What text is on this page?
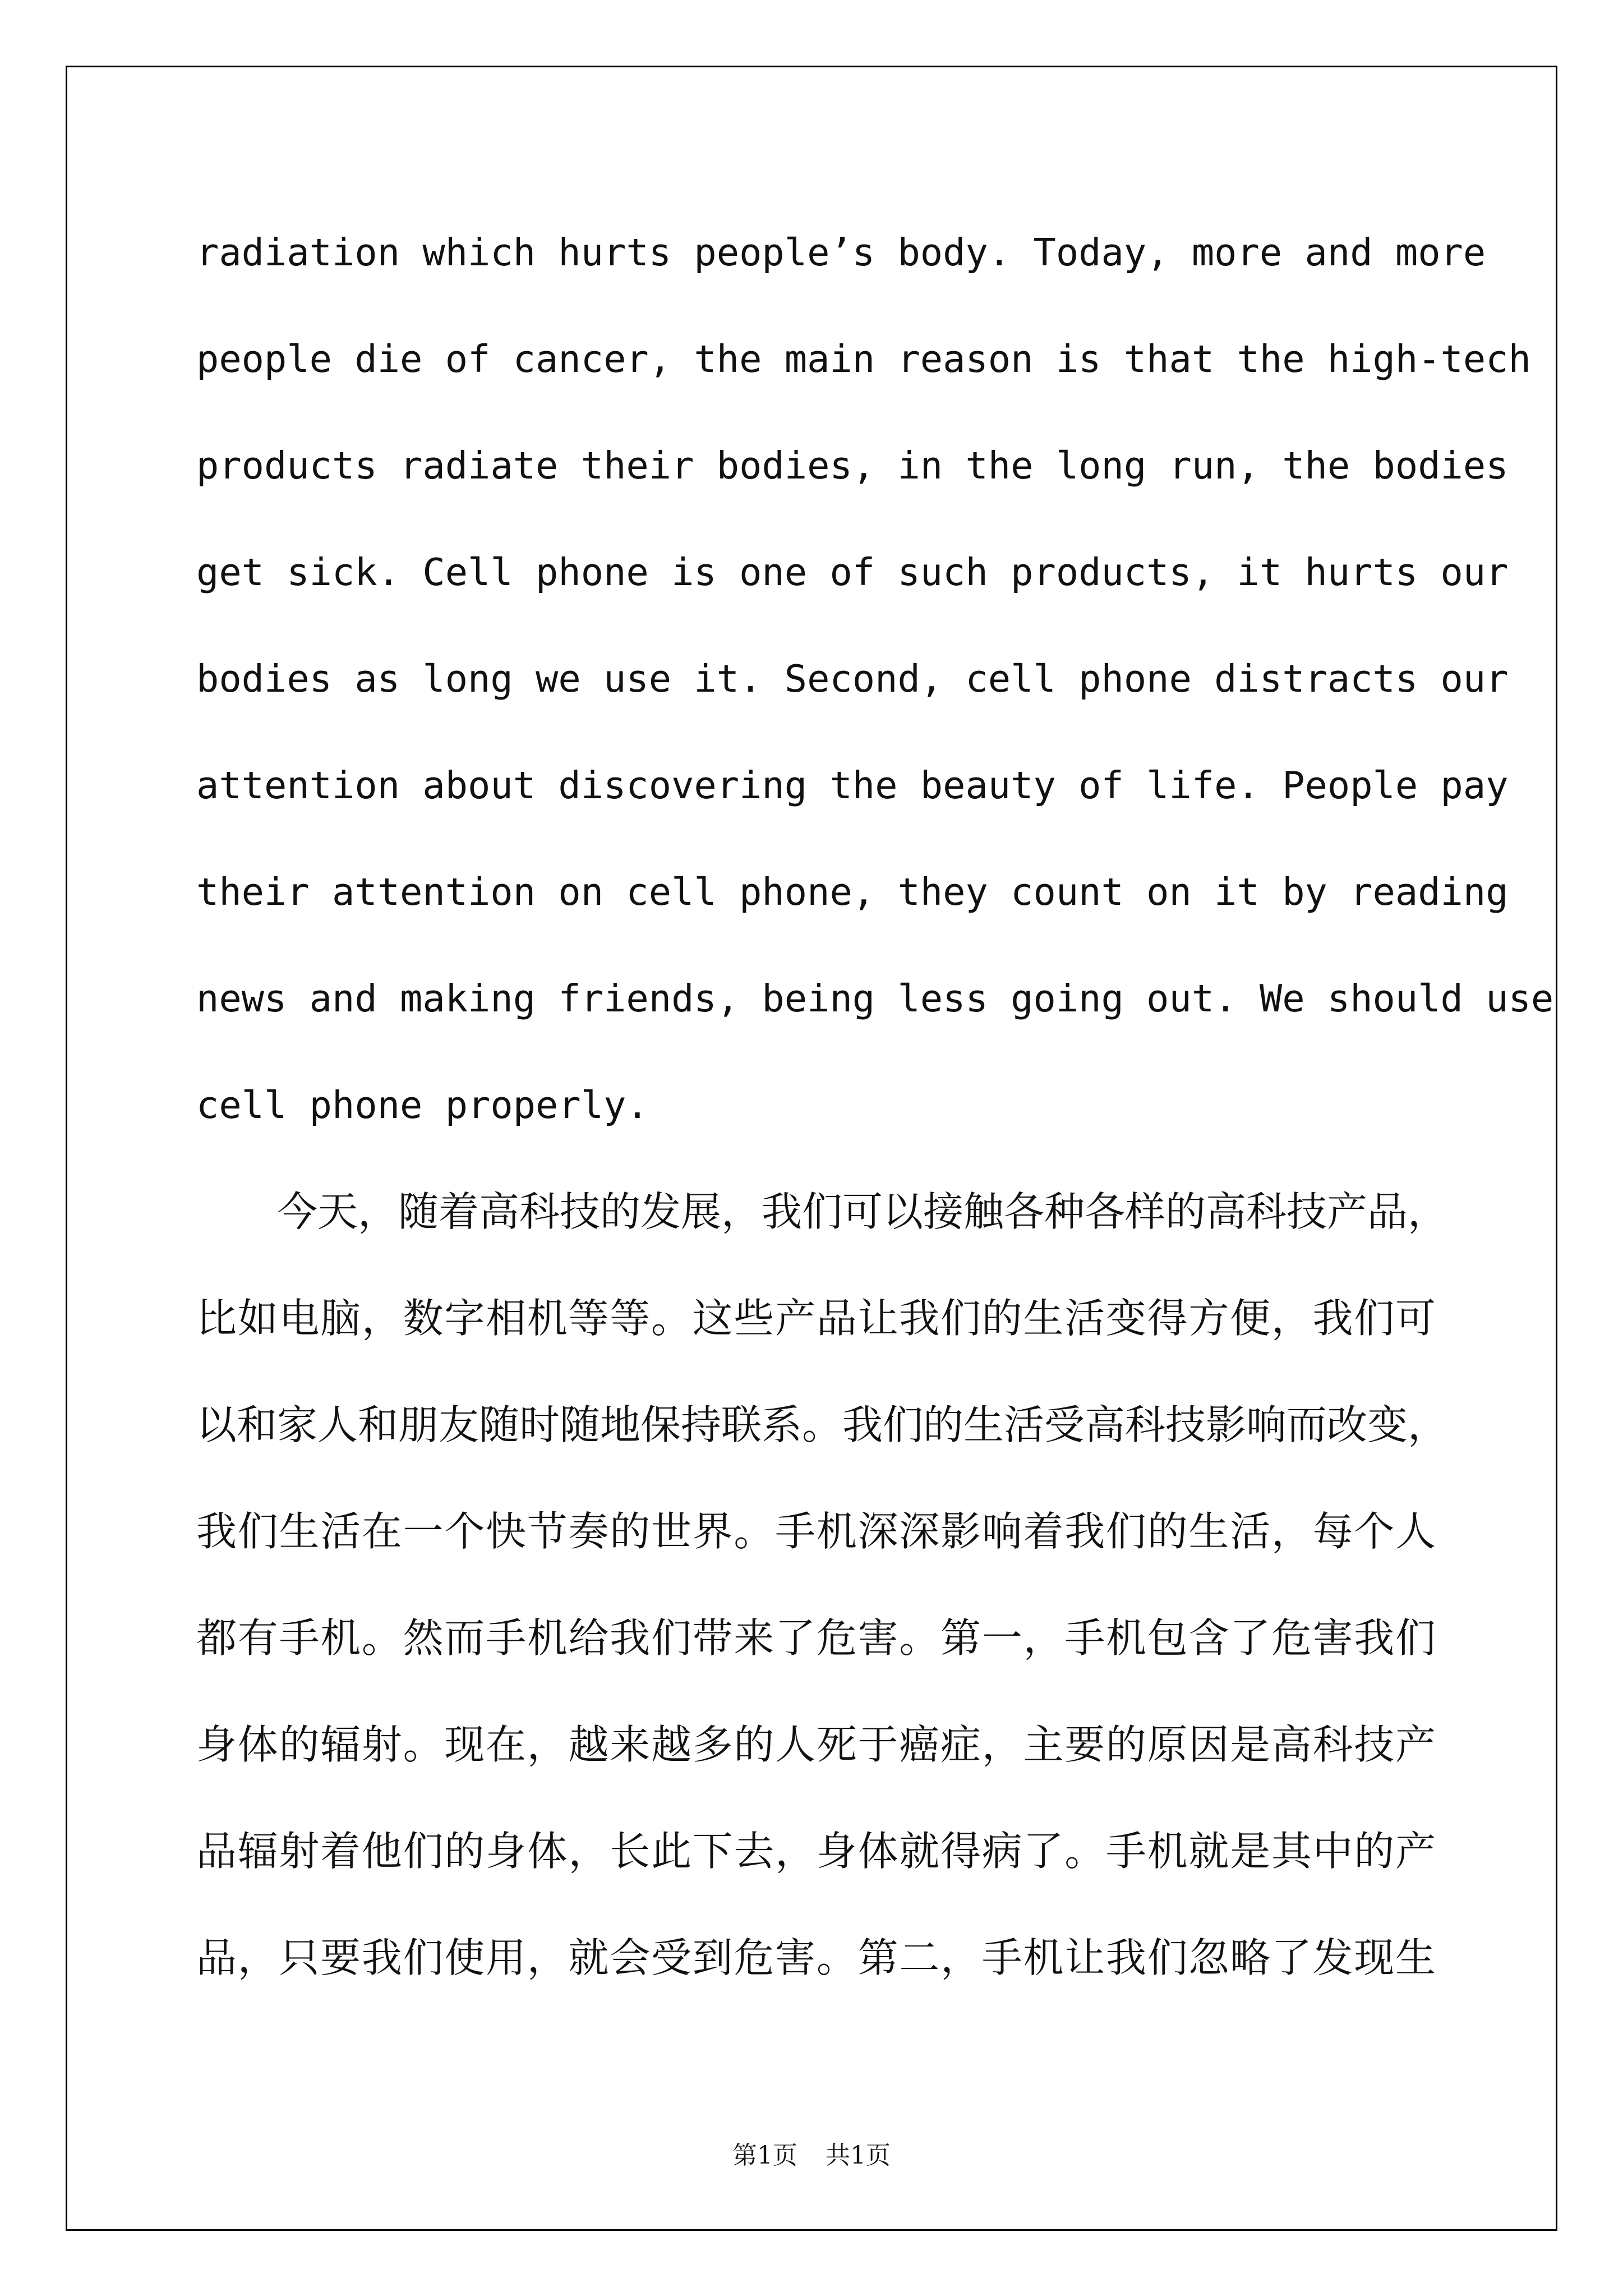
radiation which hurts people’s body. Today, more and more
people die of cancer, the main reason is that the high-tech
products radiate their bodies, in the long run, the bodies
get sick. Cell phone is one of such products, it hurts our
bodies as long we use it. Second, cell phone distracts our
attention about discovering the beauty of life. People pay
their attention on cell phone, they count on it by reading
news and making friends, being less going out. We should use
cell phone properly.
今天，随着高科技的发展，我们可以接触各种各样的高科技产品，
比如电脑，数字相机等等。这些产品让我们的生活变得方便，我们可
以和家人和朋友随时随地保持联系。我们的生活受高科技影响而改变，
我们生活在一个快节奏的世界。手机深深影响着我们的生活，每个人
都有手机。然而手机给我们带来了危害。第一，手机包含了危害我们
身体的辐射。现在，越来越多的人死于癌症，主要的原因是高科技产
品辐射着他们的身体，长此下去，身体就得病了。手机就是其中的产
品，只要我们使用，就会受到危害。第二，手机让我们忽略了发现生
第1页 共1页
